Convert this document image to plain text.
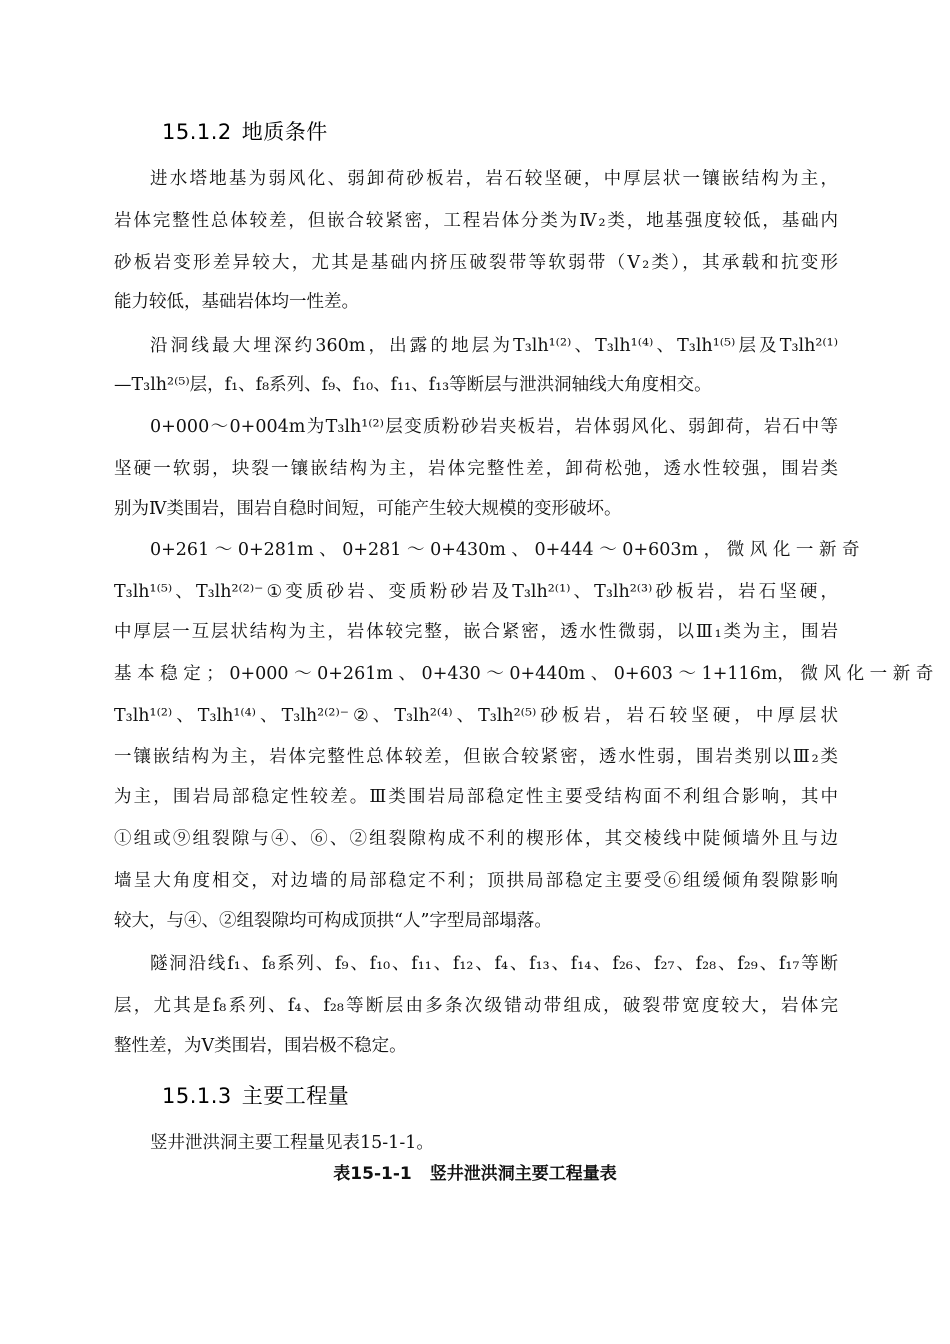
15.1.2 地质条件
进水塔地基为弱风化、弱卸荷砂板岩，岩石较坚硬，中厚层状一镶嵌结构为主，
岩体完整性总体较差，但嵌合较紧密，工程岩体分类为Ⅳ₂类，地基强度较低，基础内
砂板岩变形差异较大，尤其是基础内挤压破裂带等软弱带（Ⅴ₂类），其承载和抗变形
能力较低，基础岩体均一性差。
沿洞线最大埋深约360m，出露的地层为T₃lh¹⁽²⁾、T₃lh¹⁽⁴⁾、T₃lh¹⁽⁵⁾层及T₃lh²⁽¹⁾
—T₃lh²⁽⁵⁾层，f₁、f₈系列、f₉、f₁₀、f₁₁、f₁₃等断层与泄洪洞轴线大角度相交。
0+000～0+004m为T₃lh¹⁽²⁾层变质粉砂岩夹板岩，岩体弱风化、弱卸荷，岩石中等
坚硬一软弱，块裂一镶嵌结构为主，岩体完整性差，卸荷松弛，透水性较强，围岩类
别为Ⅳ类围岩，围岩自稳时间短，可能产生较大规模的变形破坏。
0+261 ～ 0+281m 、 0+281 ～ 0+430m 、 0+444 ～ 0+603m ， 微 风 化 一 新 奇
T₃lh¹⁽⁵⁾、T₃lh²⁽²⁾⁻①变质砂岩、变质粉砂岩及T₃lh²⁽¹⁾、T₃lh²⁽³⁾砂板岩，岩石坚硬，
中厚层一互层状结构为主，岩体较完整，嵌合紧密，透水性微弱，以Ⅲ₁类为主，围岩
基 本 稳 定 ； 0+000 ～ 0+261m 、 0+430 ～ 0+440m 、 0+603 ～ 1+116m， 微 风 化 一 新 奇
T₃lh¹⁽²⁾、T₃lh¹⁽⁴⁾、T₃lh²⁽²⁾⁻②、T₃lh²⁽⁴⁾、T₃lh²⁽⁵⁾砂板岩，岩石较坚硬，中厚层状
一镶嵌结构为主，岩体完整性总体较差，但嵌合较紧密，透水性弱，围岩类别以Ⅲ₂类
为主，围岩局部稳定性较差。Ⅲ类围岩局部稳定性主要受结构面不利组合影响，其中
①组或⑨组裂隙与④、⑥、②组裂隙构成不利的楔形体，其交棱线中陡倾墙外且与边
墙呈大角度相交，对边墙的局部稳定不利；顶拱局部稳定主要受⑥组缓倾角裂隙影响
较大，与④、②组裂隙均可构成顶拱“人”字型局部塌落。
隧洞沿线f₁、f₈系列、f₉、f₁₀、f₁₁、f₁₂、f₄、f₁₃、f₁₄、f₂₆、f₂₇、f₂₈、f₂₉、f₁₇等断
层，尤其是f₈系列、f₄、f₂₈等断层由多条次级错动带组成，破裂带宽度较大，岩体完
整性差，为Ⅴ类围岩，围岩极不稳定。
15.1.3 主要工程量
竖井泄洪洞主要工程量见表15-1-1。
表15-1-1 竖井泄洪洞主要工程量表
